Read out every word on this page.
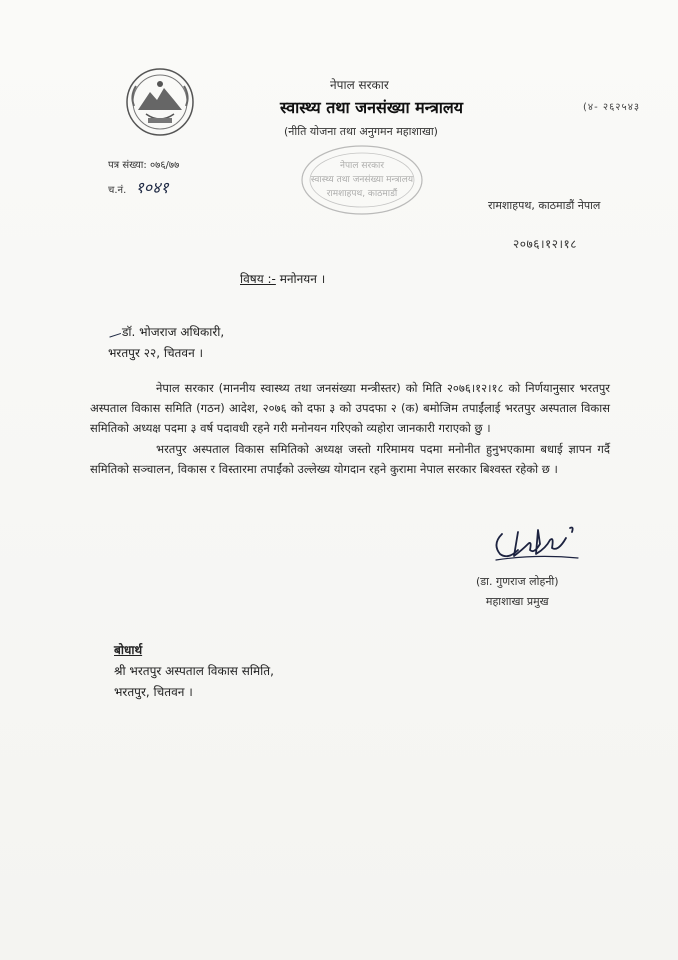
नेपाल सरकार
स्वास्थ्य तथा जनसंख्या मन्त्रालय
(नीति योजना तथा अनुगमन महाशाखा)
(४- २६२५४३
नेपाल सरकार
स्वास्थ्य तथा जनसंख्या मन्त्रालय
रामशाहपथ, काठमाडौं
पत्र संख्या: ०७६/७७
च.नं. १०४१
रामशाहपथ, काठमाडौं नेपाल
२०७६।१२।१८
विषय :- मनोनयन ।
डॉ. भोजराज अधिकारी,
भरतपुर २२, चितवन ।

नेपाल सरकार (माननीय स्वास्थ्य तथा जनसंख्या मन्त्रीस्तर) को मिति २०७६।१२।१८ को निर्णयानुसार भरतपुर अस्पताल विकास समिति (गठन) आदेश, २०७६ को दफा ३ को उपदफा २ (क) बमोजिम तपाईंलाई भरतपुर अस्पताल विकास समितिको अध्यक्ष पदमा ३ वर्ष पदावधी रहने गरी मनोनयन गरिएको व्यहोरा जानकारी गराएको छु ।

भरतपुर अस्पताल विकास समितिको अध्यक्ष जस्तो गरिमामय पदमा मनोनीत हुनुभएकामा बधाई ज्ञापन गर्दै समितिको सञ्चालन, विकास र विस्तारमा तपाईंको उल्लेख्य योगदान रहने कुरामा नेपाल सरकार बिश्वस्त रहेको छ ।

(डा. गुणराज लोहनी)
महाशाखा प्रमुख
बोधार्थ
श्री भरतपुर अस्पताल विकास समिति,
भरतपुर, चितवन ।
